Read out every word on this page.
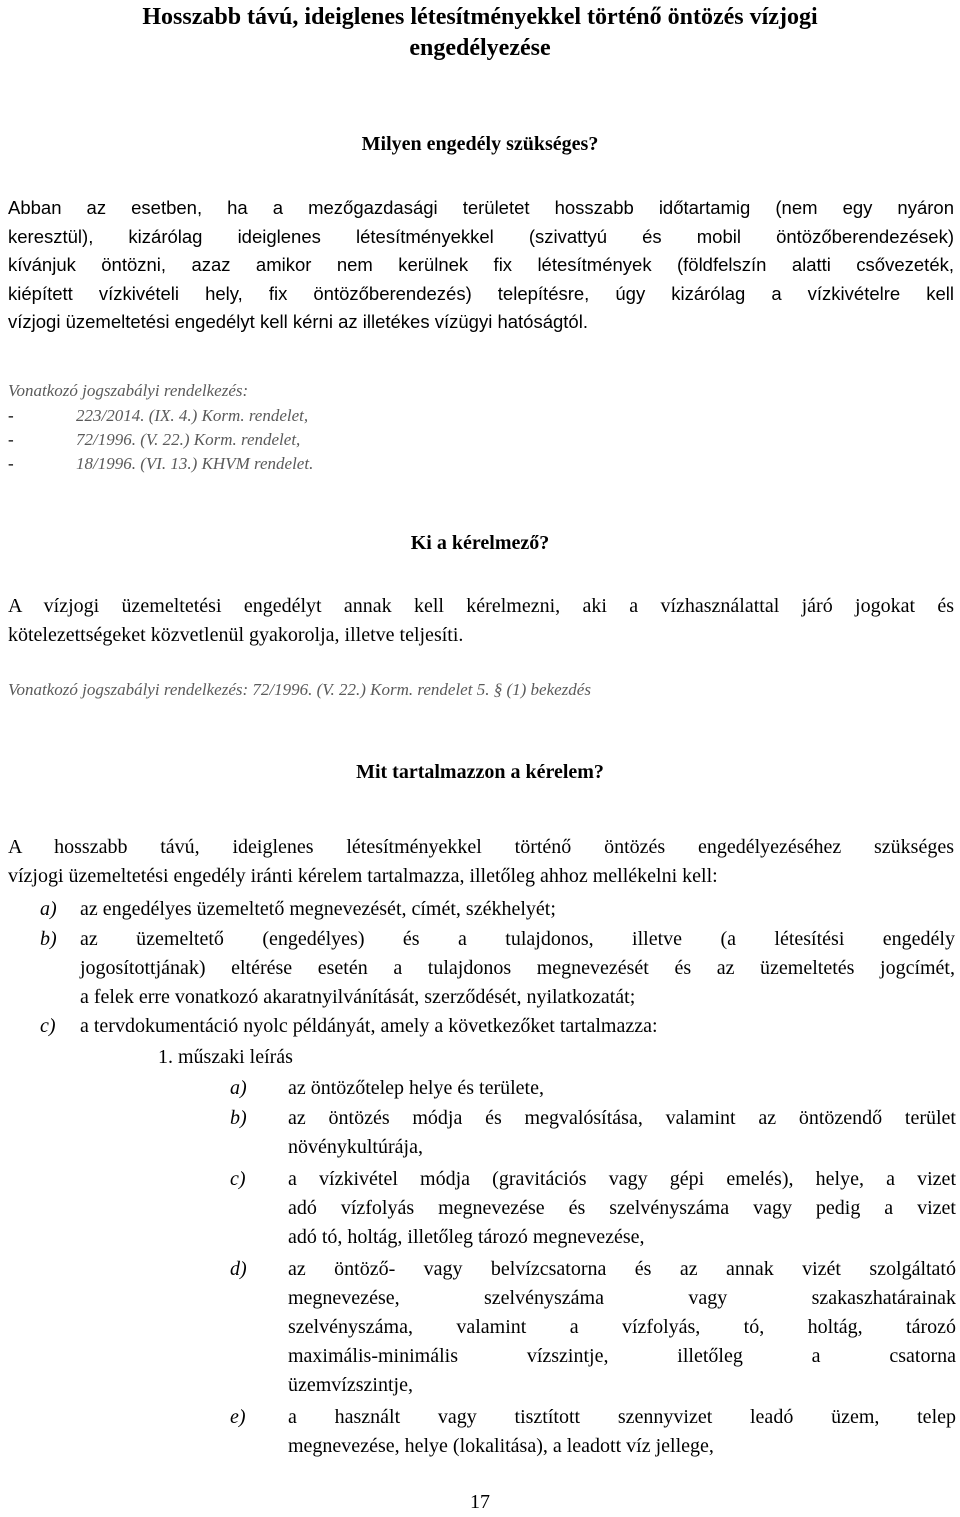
Hosszabb távú, ideiglenes létesítményekkel történő öntözés vízjogi
engedélyezése
Milyen engedély szükséges?
Abban az esetben, ha a mezőgazdasági területet hosszabb időtartamig (nem egy nyáron
keresztül), kizárólag ideiglenes létesítményekkel (szivattyú és mobil öntözőberendezések)
kívánjuk öntözni, azaz amikor nem kerülnek fix létesítmények (földfelszín alatti csővezeték,
kiépített vízkivételi hely, fix öntözőberendezés) telepítésre, úgy kizárólag a vízkivételre kell
vízjogi üzemeltetési engedélyt kell kérni az illetékes vízügyi hatóságtól.
Vonatkozó jogszabályi rendelkezés:
-	223/2014. (IX. 4.) Korm. rendelet,
-	72/1996. (V. 22.) Korm. rendelet,
-	18/1996. (VI. 13.) KHVM rendelet.
Ki a kérelmező?
A vízjogi üzemeltetési engedélyt annak kell kérelmezni, aki a vízhasználattal járó jogokat és
kötelezettségeket közvetlenül gyakorolja, illetve teljesíti.
Vonatkozó jogszabályi rendelkezés: 72/1996. (V. 22.) Korm. rendelet 5. § (1) bekezdés
Mit tartalmazzon a kérelem?
A hosszabb távú, ideiglenes létesítményekkel történő öntözés engedélyezéséhez szükséges
vízjogi üzemeltetési engedély iránti kérelem tartalmazza, illetőleg ahhoz mellékelni kell:
a) az engedélyes üzemeltető megnevezését, címét, székhelyét;
b) az üzemeltető (engedélyes) és a tulajdonos, illetve (a létesítési engedély
jogosítottjának) eltérése esetén a tulajdonos megnevezését és az üzemeltetés jogcímét,
a felek erre vonatkozó akaratnyilvánítását, szerződését, nyilatkozatát;
c) a tervdokumentáció nyolc példányát, amely a következőket tartalmazza:
1. műszaki leírás
a) az öntözőtelep helye és területe,
b) az öntözés módja és megvalósítása, valamint az öntözendő terület
növénykultúrája,
c) a vízkivétel módja (gravitációs vagy gépi emelés), helye, a vizet
adó vízfolyás megnevezése és szelvényszáma vagy pedig a vizet
adó tó, holtág, illetőleg tározó megnevezése,
d) az öntöző- vagy belvízcsatorna és az annak vizét szolgáltató
megnevezése, szelvényszáma vagy szakaszhatárainak
szelvényszáma, valamint a vízfolyás, tó, holtág, tározó
maximális-minimális vízszintje, illetőleg a csatorna
üzemvízszintje,
e) a használt vagy tisztított szennyvizet leadó üzem, telep
megnevezése, helye (lokalitása), a leadott víz jellege,
17
